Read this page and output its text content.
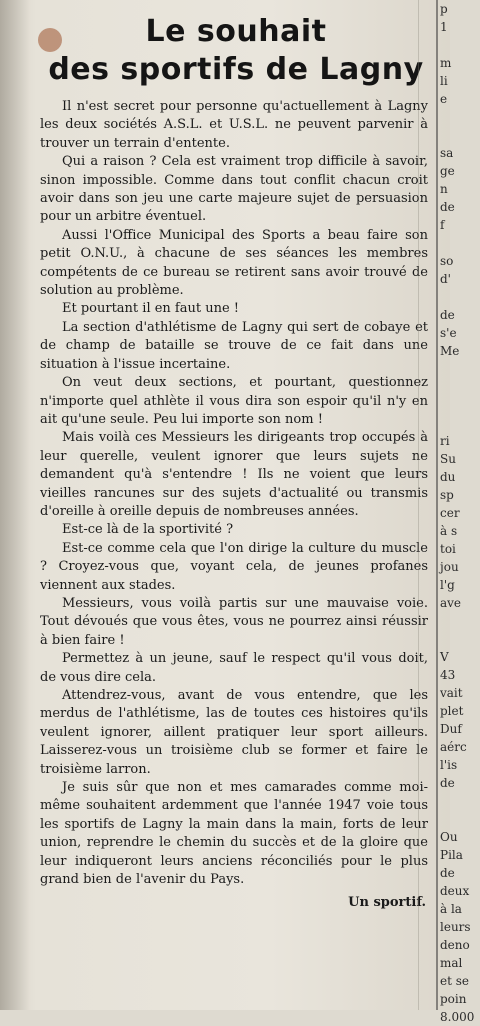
Le souhait
des sportifs de Lagny

Il n'est secret pour personne qu'actuellement à Lagny les deux sociétés A.S.L. et U.S.L. ne peuvent parvenir à trouver un terrain d'entente.

Qui a raison ? Cela est vraiment trop difficile à savoir, sinon impossible. Comme dans tout conflit chacun croit avoir dans son jeu une carte majeure sujet de persuasion pour un arbitre éventuel.

Aussi l'Office Municipal des Sports a beau faire son petit O.N.U., à chacune de ses séances les membres compétents de ce bureau se retirent sans avoir trouvé de solution au problème.

Et pourtant il en faut une !

La section d'athlétisme de Lagny qui sert de cobaye et de champ de bataille se trouve de ce fait dans une situation à l'issue incertaine.

On veut deux sections, et pourtant, questionnez n'importe quel athlète il vous dira son espoir qu'il n'y en ait qu'une seule. Peu lui importe son nom !

Mais voilà ces Messieurs les dirigeants trop occupés à leur querelle, veulent ignorer que leurs sujets ne demandent qu'à s'entendre ! Ils ne voient que leurs vieilles rancunes sur des sujets d'actualité ou transmis d'oreille à oreille depuis de nombreuses années.

Est-ce là de la sportivité ?

Est-ce comme cela que l'on dirige la culture du muscle ? Croyez-vous que, voyant cela, de jeunes profanes viennent aux stades.

Messieurs, vous voilà partis sur une mauvaise voie. Tout dévoués que vous êtes, vous ne pourrez ainsi réussir à bien faire !

Permettez à un jeune, sauf le respect qu'il vous doit, de vous dire cela.

Attendrez-vous, avant de vous entendre, que les merdus de l'athlétisme, las de toutes ces histoires qu'ils veulent ignorer, aillent pratiquer leur sport ailleurs. Laisserez-vous un troisième club se former et faire le troisième larron.

Je suis sûr que non et mes camarades comme moi-même souhaitent ardemment que l'année 1947 voie tous les sportifs de Lagny la main dans la main, forts de leur union, reprendre le chemin du succès et de la gloire que leur indiqueront leurs anciens réconciliés pour le plus grand bien de l'avenir du Pays.

Un sportif.
p
1
m
li
e
sa
ge
n
de
f
so
d'
de
s'e
Me
ri
Su
du
sp
cer
à s
toi
jou
l'g
ave
V
43
vait
plet
Duf
aérc
l'is
de
Ou
Pila
de
deux
à la
leurs
deno
mal
et se
poin
8.000
